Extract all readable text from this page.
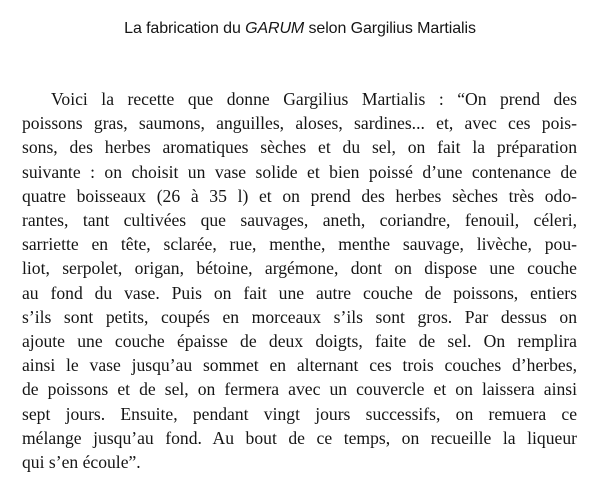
La fabrication du GARUM selon Gargilius Martialis
Voici la recette que donne Gargilius Martialis : “On prend des
poissons gras, saumons, anguilles, aloses, sardines... et, avec ces pois-
sons, des herbes aromatiques sèches et du sel, on fait la préparation
suivante : on choisit un vase solide et bien poissé d’une contenance de
quatre boisseaux (26 à 35 l) et on prend des herbes sèches très odo-
rantes, tant cultivées que sauvages, aneth, coriandre, fenouil, céleri,
sarriette en tête, sclarée, rue, menthe, menthe sauvage, livèche, pou-
liot, serpolet, origan, bétoine, argémone, dont on dispose une couche
au fond du vase. Puis on fait une autre couche de poissons, entiers
s’ils sont petits, coupés en morceaux s’ils sont gros. Par dessus on
ajoute une couche épaisse de deux doigts, faite de sel. On remplira
ainsi le vase jusqu’au sommet en alternant ces trois couches d’herbes,
de poissons et de sel, on fermera avec un couvercle et on laissera ainsi
sept jours. Ensuite, pendant vingt jours successifs, on remuera ce
mélange jusqu’au fond. Au bout de ce temps, on recueille la liqueur
qui s’en écoule”.
